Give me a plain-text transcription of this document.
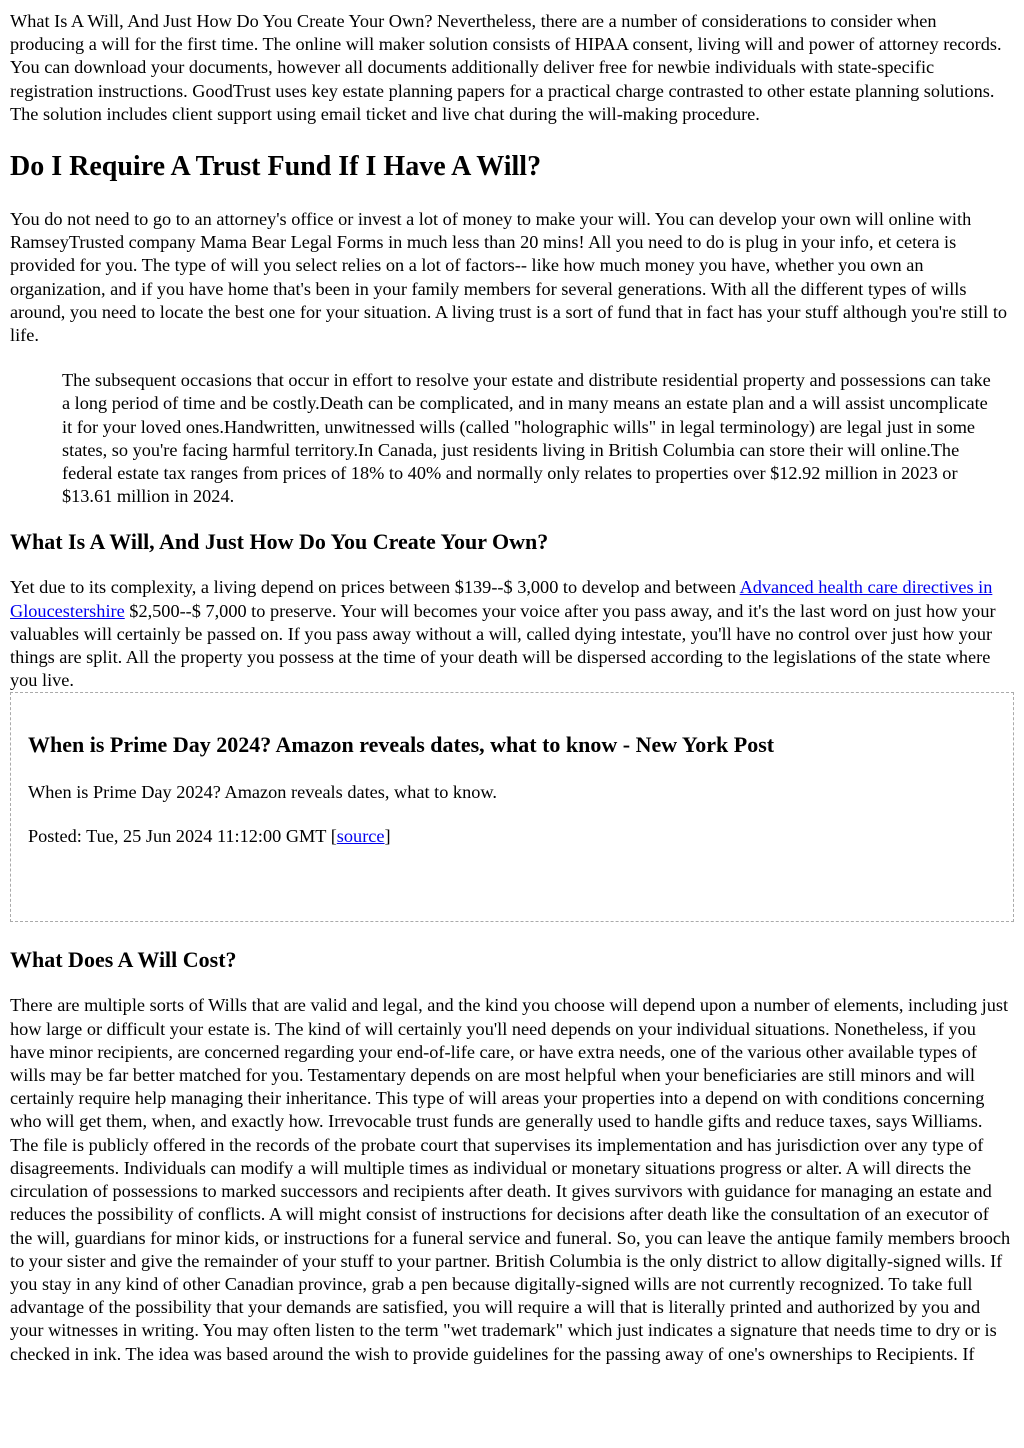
What Is A Will, And Just How Do You Create Your Own? Nevertheless, there are a number of considerations to consider when producing a will for the first time. The online will maker solution consists of HIPAA consent, living will and power of attorney records. You can download your documents, however all documents additionally deliver free for newbie individuals with state-specific registration instructions. GoodTrust uses key estate planning papers for a practical charge contrasted to other estate planning solutions. The solution includes client support using email ticket and live chat during the will-making procedure.

Do I Require A Trust Fund If I Have A Will?

You do not need to go to an attorney's office or invest a lot of money to make your will. You can develop your own will online with RamseyTrusted company Mama Bear Legal Forms in much less than 20 mins! All you need to do is plug in your info, et cetera is provided for you. The type of will you select relies on a lot of factors-- like how much money you have, whether you own an organization, and if you have home that's been in your family members for several generations. With all the different types of wills around, you need to locate the best one for your situation. A living trust is a sort of fund that in fact has your stuff although you're still to life.

The subsequent occasions that occur in effort to resolve your estate and distribute residential property and possessions can take a long period of time and be costly.Death can be complicated, and in many means an estate plan and a will assist uncomplicate it for your loved ones.Handwritten, unwitnessed wills (called "holographic wills" in legal terminology) are legal just in some states, so you're facing harmful territory.In Canada, just residents living in British Columbia can store their will online.The federal estate tax ranges from prices of 18% to 40% and normally only relates to properties over $12.92 million in 2023 or $13.61 million in 2024.
What Is A Will, And Just How Do You Create Your Own?

Yet due to its complexity, a living depend on prices between $139--$ 3,000 to develop and between Advanced health care directives in Gloucestershire $2,500--$ 7,000 to preserve. Your will becomes your voice after you pass away, and it's the last word on just how your valuables will certainly be passed on. If you pass away without a will, called dying intestate, you'll have no control over just how your things are split. All the property you possess at the time of your death will be dispersed according to the legislations of the state where you live.

When is Prime Day 2024? Amazon reveals dates, what to know - New York Post

When is Prime Day 2024? Amazon reveals dates, what to know.

Posted: Tue, 25 Jun 2024 11:12:00 GMT [source]

What Does A Will Cost?

There are multiple sorts of Wills that are valid and legal, and the kind you choose will depend upon a number of elements, including just how large or difficult your estate is. The kind of will certainly you'll need depends on your individual situations. Nonetheless, if you have minor recipients, are concerned regarding your end-of-life care, or have extra needs, one of the various other available types of wills may be far better matched for you. Testamentary depends on are most helpful when your beneficiaries are still minors and will certainly require help managing their inheritance. This type of will areas your properties into a depend on with conditions concerning who will get them, when, and exactly how. Irrevocable trust funds are generally used to handle gifts and reduce taxes, says Williams. The file is publicly offered in the records of the probate court that supervises its implementation and has jurisdiction over any type of disagreements. Individuals can modify a will multiple times as individual or monetary situations progress or alter. A will directs the circulation of possessions to marked successors and recipients after death. It gives survivors with guidance for managing an estate and reduces the possibility of conflicts. A will might consist of instructions for decisions after death like the consultation of an executor of the will, guardians for minor kids, or instructions for a funeral service and funeral. So, you can leave the antique family members brooch to your sister and give the remainder of your stuff to your partner. British Columbia is the only district to allow digitally-signed wills. If you stay in any kind of other Canadian province, grab a pen because digitally-signed wills are not currently recognized. To take full advantage of the possibility that your demands are satisfied, you will require a will that is literally printed and authorized by you and your witnesses in writing. You may often listen to the term "wet trademark" which just indicates a signature that needs time to dry or is checked in ink. The idea was based around the wish to provide guidelines for the passing away of one's ownerships to Recipients. If
